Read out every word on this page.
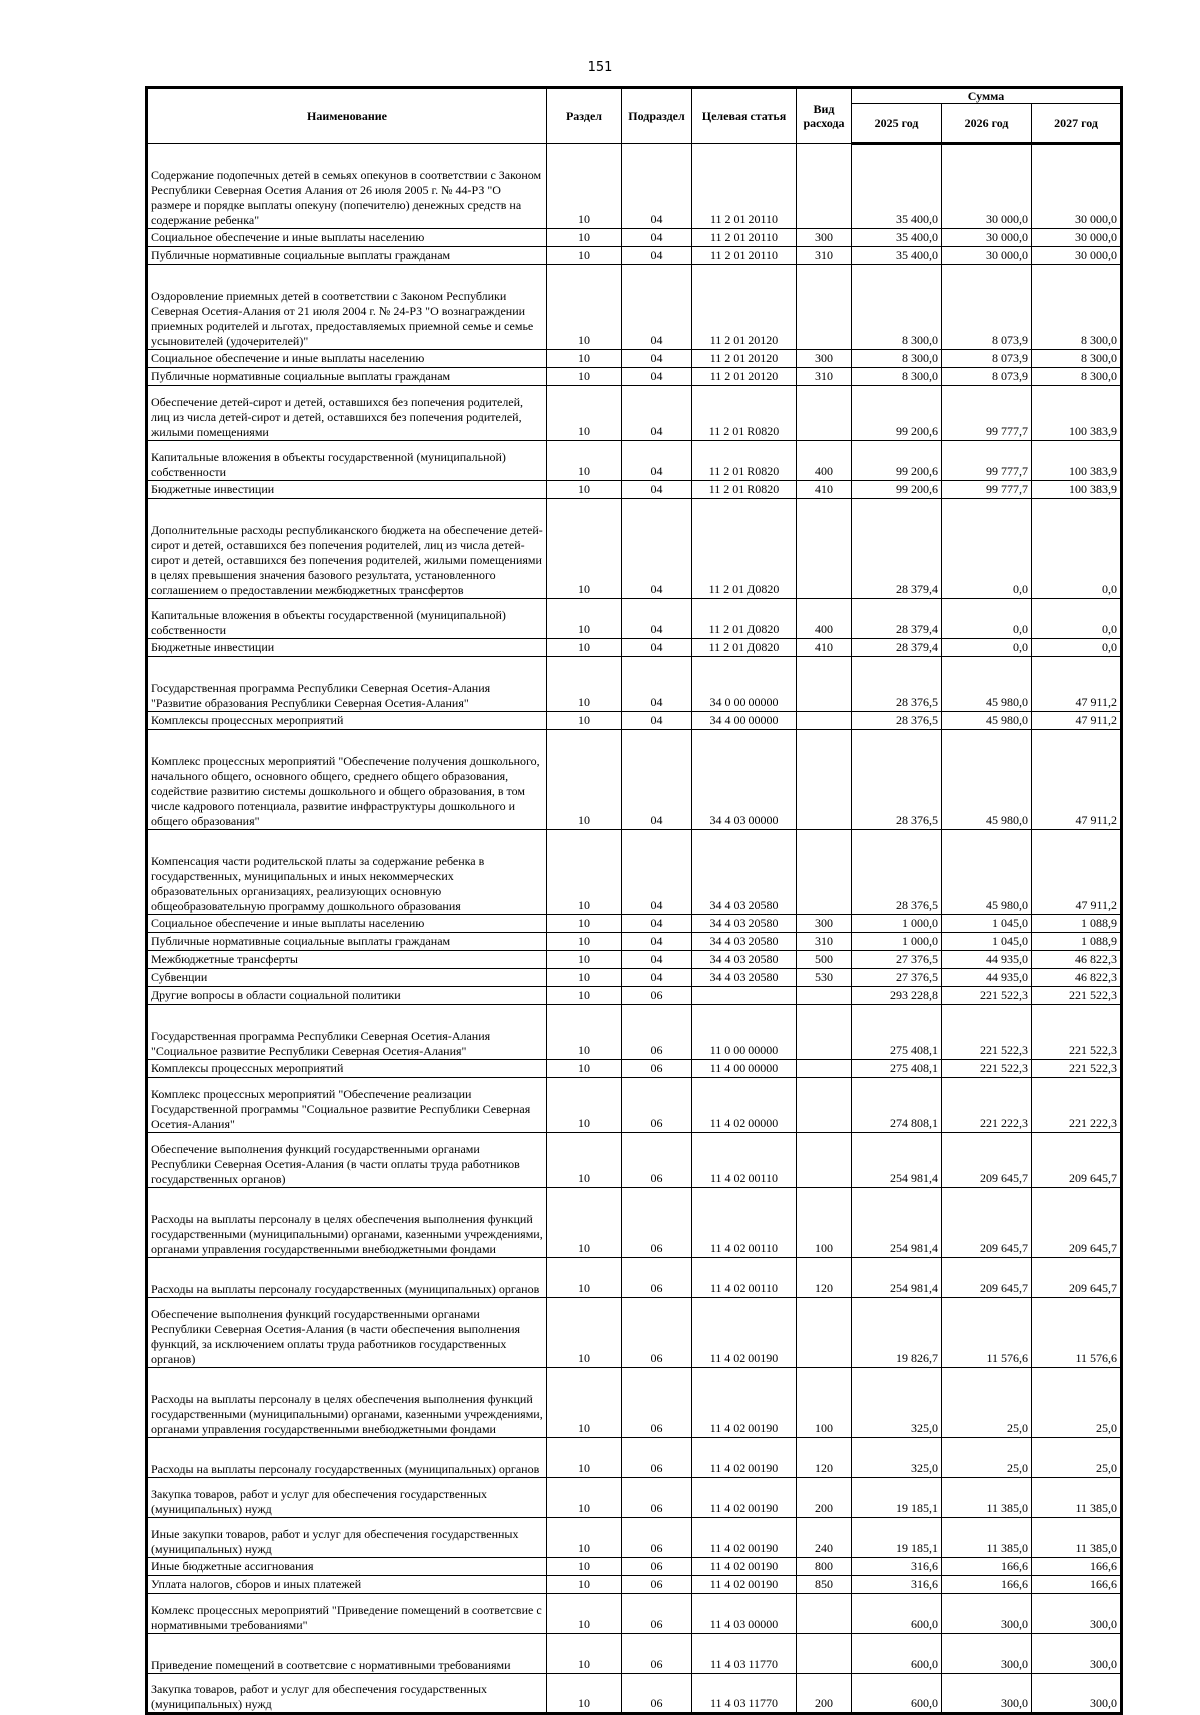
151
Наименование	Раздел	Подраздел	Целевая статья	Вид расхода	Сумма		
					2025 год	2026 год	2027 год
Содержание подопечных детей в семьях опекунов в соответствии с Законом Республики Северная Осетия Алания от 26 июля 2005 г. № 44-РЗ "О размере и порядке выплаты опекуну (попечителю) денежных средств на содержание ребенка"	10	04	11 2 01 20110		35 400,0	30 000,0	30 000,0
Социальное обеспечение и иные выплаты населению	10	04	11 2 01 20110	300	35 400,0	30 000,0	30 000,0
Публичные нормативные социальные выплаты гражданам	10	04	11 2 01 20110	310	35 400,0	30 000,0	30 000,0
Оздоровление приемных детей в соответствии с Законом Республики Северная Осетия-Алания от 21 июля 2004 г. № 24-РЗ "О вознаграждении приемных родителей и льготах, предоставляемых приемной семье и семье усыновителей (удочерителей)"	10	04	11 2 01 20120		8 300,0	8 073,9	8 300,0
Социальное обеспечение и иные выплаты населению	10	04	11 2 01 20120	300	8 300,0	8 073,9	8 300,0
Публичные нормативные социальные выплаты гражданам	10	04	11 2 01 20120	310	8 300,0	8 073,9	8 300,0
Обеспечение детей-сирот и детей, оставшихся без попечения родителей, лиц из числа детей-сирот и детей, оставшихся без попечения родителей, жилыми помещениями	10	04	11 2 01 R0820		99 200,6	99 777,7	100 383,9
Капитальные вложения в объекты государственной (муниципальной) собственности	10	04	11 2 01 R0820	400	99 200,6	99 777,7	100 383,9
Бюджетные инвестиции	10	04	11 2 01 R0820	410	99 200,6	99 777,7	100 383,9
Дополнительные расходы республиканского бюджета на обеспечение детей-сирот и детей, оставшихся без попечения родителей, лиц из числа детей-сирот и детей, оставшихся без попечения родителей, жилыми помещениями в целях превышения значения базового результата, установленного соглашением о предоставлении межбюджетных трансфертов	10	04	11 2 01 Д0820		28 379,4	0,0	0,0
Капитальные вложения в объекты государственной (муниципальной) собственности	10	04	11 2 01 Д0820	400	28 379,4	0,0	0,0
Бюджетные инвестиции	10	04	11 2 01 Д0820	410	28 379,4	0,0	0,0
Государственная программа Республики Северная Осетия-Алания "Развитие образования Республики Северная Осетия-Алания"	10	04	34 0 00 00000		28 376,5	45 980,0	47 911,2
Комплексы процессных мероприятий	10	04	34 4 00 00000		28 376,5	45 980,0	47 911,2
Комплекс процессных мероприятий "Обеспечение получения дошкольного, начального общего, основного общего, среднего общего образования, содействие развитию системы дошкольного и общего образования, в том числе кадрового потенциала, развитие инфраструктуры дошкольного и общего образования"	10	04	34 4 03 00000		28 376,5	45 980,0	47 911,2
Компенсация части родительской платы за содержание ребенка в государственных, муниципальных и иных некоммерческих образовательных организациях, реализующих основную общеобразовательную программу дошкольного образования	10	04	34 4 03 20580		28 376,5	45 980,0	47 911,2
Социальное обеспечение и иные выплаты населению	10	04	34 4 03 20580	300	1 000,0	1 045,0	1 088,9
Публичные нормативные социальные выплаты гражданам	10	04	34 4 03 20580	310	1 000,0	1 045,0	1 088,9
Межбюджетные трансферты	10	04	34 4 03 20580	500	27 376,5	44 935,0	46 822,3
Субвенции	10	04	34 4 03 20580	530	27 376,5	44 935,0	46 822,3
Другие вопросы в области социальной политики	10	06			293 228,8	221 522,3	221 522,3
Государственная программа Республики Северная Осетия-Алания "Социальное развитие Республики Северная Осетия-Алания"	10	06	11 0 00 00000		275 408,1	221 522,3	221 522,3
Комплексы процессных мероприятий	10	06	11 4 00 00000		275 408,1	221 522,3	221 522,3
Комплекс процессных мероприятий "Обеспечение реализации Государственной программы "Социальное развитие Республики Северная Осетия-Алания"	10	06	11 4 02 00000		274 808,1	221 222,3	221 222,3
Обеспечение выполнения функций государственными органами Республики Северная Осетия-Алания (в части оплаты труда работников государственных органов)	10	06	11 4 02 00110		254 981,4	209 645,7	209 645,7
Расходы на выплаты персоналу в целях обеспечения выполнения функций государственными (муниципальными) органами, казенными учреждениями, органами управления государственными внебюджетными фондами	10	06	11 4 02 00110	100	254 981,4	209 645,7	209 645,7
Расходы на выплаты персоналу государственных (муниципальных) органов	10	06	11 4 02 00110	120	254 981,4	209 645,7	209 645,7
Обеспечение выполнения функций государственными органами Республики Северная Осетия-Алания (в части обеспечения выполнения функций, за исключением оплаты труда работников государственных органов)	10	06	11 4 02 00190		19 826,7	11 576,6	11 576,6
Расходы на выплаты персоналу в целях обеспечения выполнения функций государственными (муниципальными) органами, казенными учреждениями, органами управления государственными внебюджетными фондами	10	06	11 4 02 00190	100	325,0	25,0	25,0
Расходы на выплаты персоналу государственных (муниципальных) органов	10	06	11 4 02 00190	120	325,0	25,0	25,0
Закупка товаров, работ и услуг для обеспечения государственных (муниципальных) нужд	10	06	11 4 02 00190	200	19 185,1	11 385,0	11 385,0
Иные закупки товаров, работ и услуг для обеспечения государственных (муниципальных) нужд	10	06	11 4 02 00190	240	19 185,1	11 385,0	11 385,0
Иные бюджетные ассигнования	10	06	11 4 02 00190	800	316,6	166,6	166,6
Уплата налогов, сборов и иных платежей	10	06	11 4 02 00190	850	316,6	166,6	166,6
Комлекс процессных мероприятий "Приведение помещений в соответсвие с нормативными требованиями"	10	06	11 4 03 00000		600,0	300,0	300,0
Приведение помещений в соответсвие с нормативными требованиями	10	06	11 4 03 11770		600,0	300,0	300,0
Закупка товаров, работ и услуг для обеспечения государственных (муниципальных) нужд	10	06	11 4 03 11770	200	600,0	300,0	300,0
